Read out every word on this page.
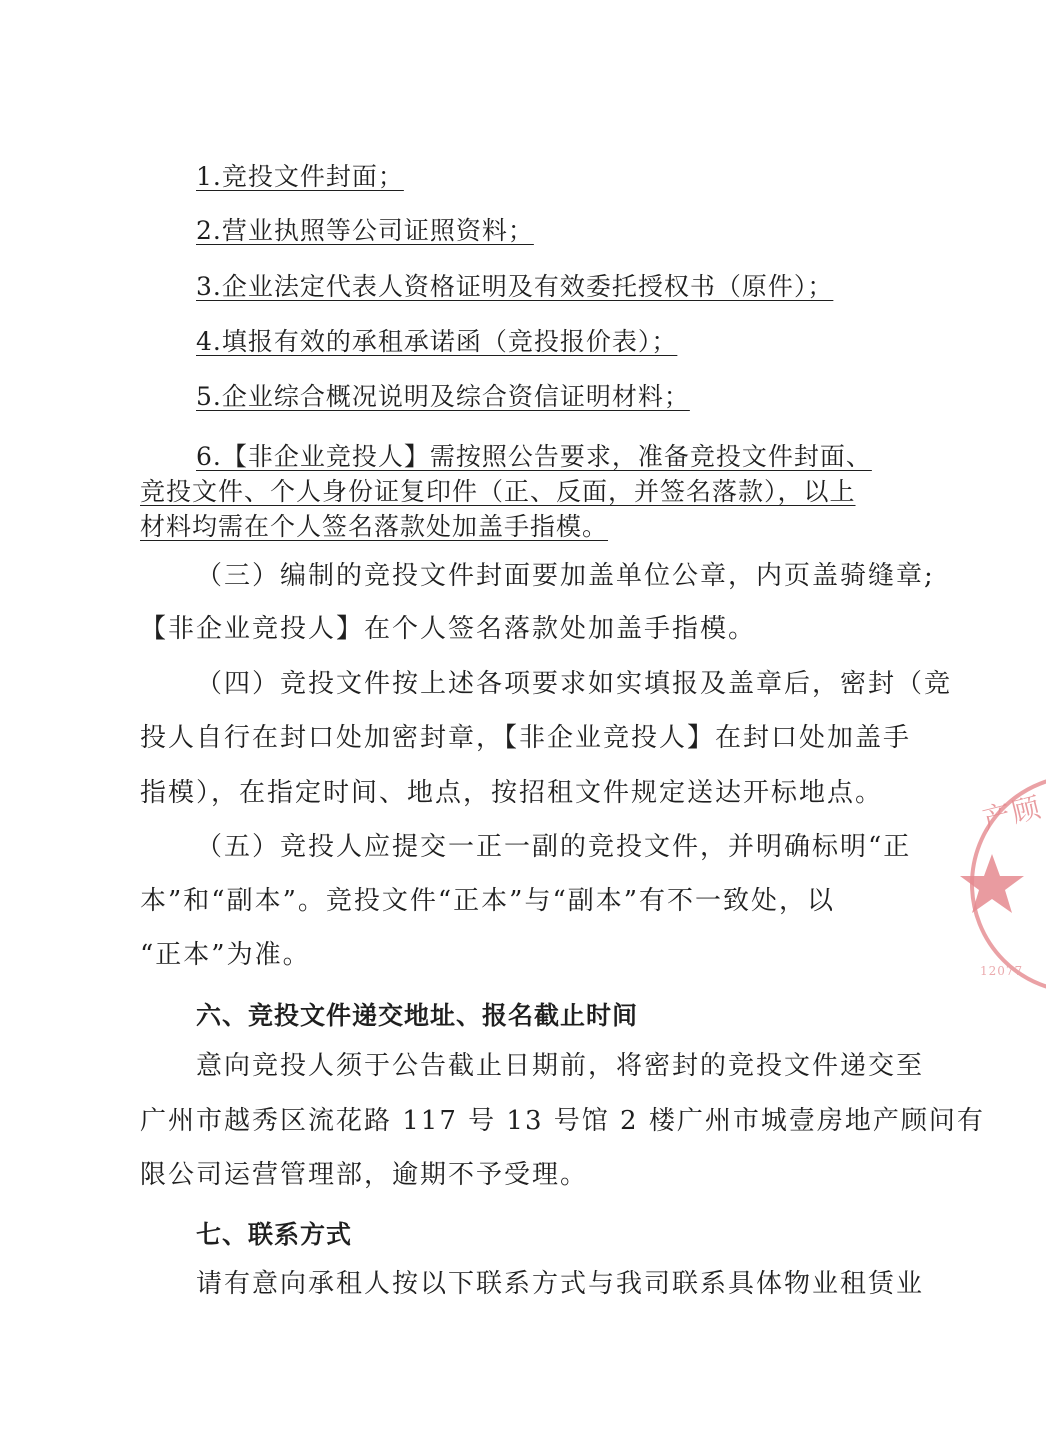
1.竞投文件封面；
2.营业执照等公司证照资料；
3.企业法定代表人资格证明及有效委托授权书（原件）；
4.填报有效的承租承诺函（竞投报价表）；
5.企业综合概况说明及综合资信证明材料；
6.【非企业竞投人】需按照公告要求，准备竞投文件封面、
竞投文件、个人身份证复印件（正、反面，并签名落款），以上
材料均需在个人签名落款处加盖手指模。
（三）编制的竞投文件封面要加盖单位公章，内页盖骑缝章;
【非企业竞投人】在个人签名落款处加盖手指模。
（四）竞投文件按上述各项要求如实填报及盖章后，密封（竞
投人自行在封口处加密封章，【非企业竞投人】在封口处加盖手
指模），在指定时间、地点，按招租文件规定送达开标地点。
（五）竞投人应提交一正一副的竞投文件，并明确标明“正
本”和“副本”。竞投文件“正本”与“副本”有不一致处，以
“正本”为准。
六、竞投文件递交地址、报名截止时间
意向竞投人须于公告截止日期前，将密封的竞投文件递交至
广州市越秀区流花路 117 号 13 号馆 2 楼广州市城壹房地产顾问有
限公司运营管理部，逾期不予受理。
七、联系方式
请有意向承租人按以下联系方式与我司联系具体物业租赁业
产顾
12077
